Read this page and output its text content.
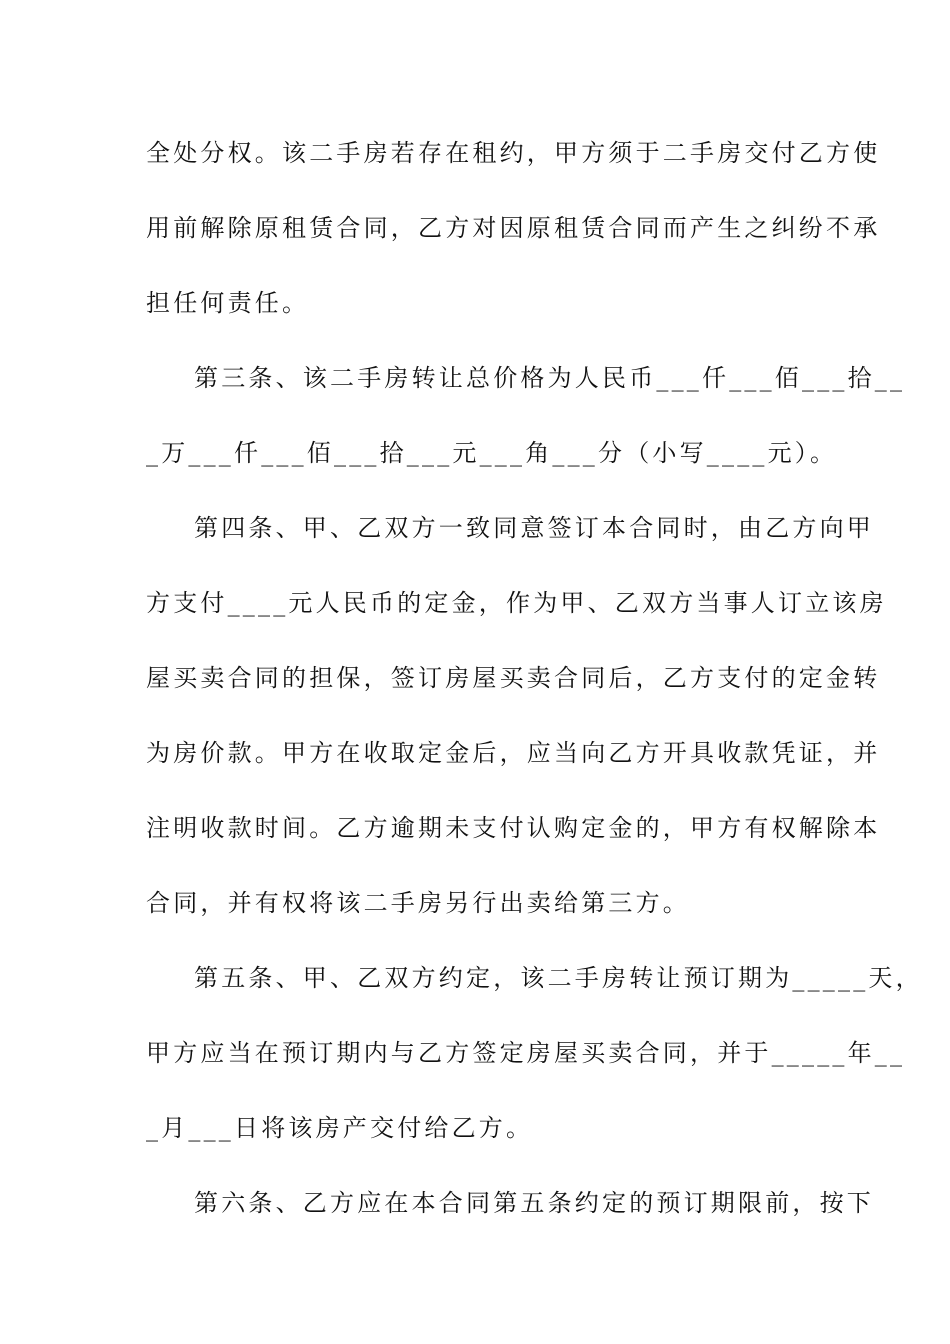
全处分权。该二手房若存在租约，甲方须于二手房交付乙方使
用前解除原租赁合同，乙方对因原租赁合同而产生之纠纷不承
担任何责任。
第三条、该二手房转让总价格为人民币___仟___佰___拾__
_万___仟___佰___拾___元___角___分（小写____元）。
第四条、甲、乙双方一致同意签订本合同时，由乙方向甲
方支付____元人民币的定金，作为甲、乙双方当事人订立该房
屋买卖合同的担保，签订房屋买卖合同后，乙方支付的定金转
为房价款。甲方在收取定金后，应当向乙方开具收款凭证，并
注明收款时间。乙方逾期未支付认购定金的，甲方有权解除本
合同，并有权将该二手房另行出卖给第三方。
第五条、甲、乙双方约定，该二手房转让预订期为_____天，
甲方应当在预订期内与乙方签定房屋买卖合同，并于_____年__
_月___日将该房产交付给乙方。
第六条、乙方应在本合同第五条约定的预订期限前，按下
